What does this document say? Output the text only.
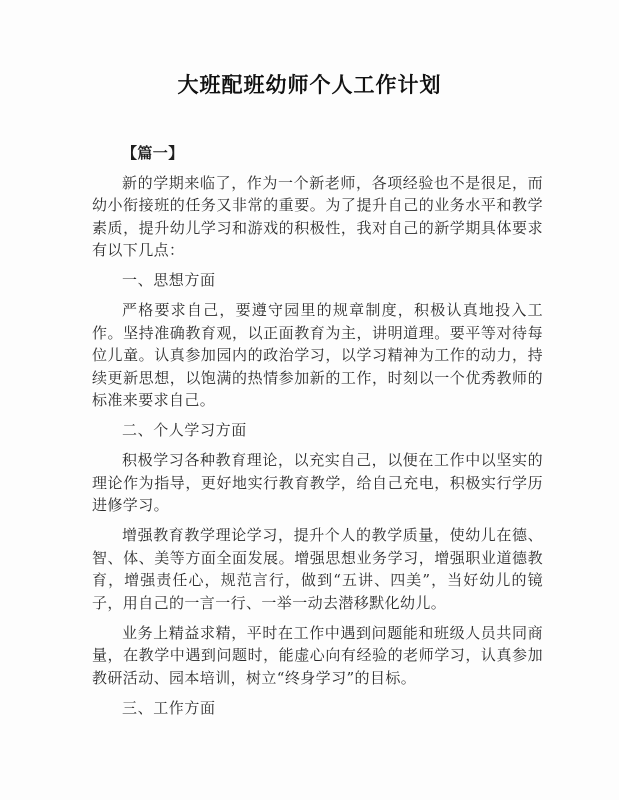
大班配班幼师个人工作计划

【篇一】

新的学期来临了，作为一个新老师，各项经验也不是很足，而幼小衔接班的任务又非常的重要。为了提升自己的业务水平和教学素质，提升幼儿学习和游戏的积极性，我对自己的新学期具体要求有以下几点：

一、思想方面

严格要求自己，要遵守园里的规章制度，积极认真地投入工作。坚持准确教育观，以正面教育为主，讲明道理。要平等对待每位儿童。认真参加园内的政治学习，以学习精神为工作的动力，持续更新思想，以饱满的热情参加新的工作，时刻以一个优秀教师的标准来要求自己。

二、个人学习方面

积极学习各种教育理论，以充实自己，以便在工作中以坚实的理论作为指导，更好地实行教育教学，给自己充电，积极实行学历进修学习。

增强教育教学理论学习，提升个人的教学质量，使幼儿在德、智、体、美等方面全面发展。增强思想业务学习，增强职业道德教育，增强责任心，规范言行，做到“五讲、四美”，当好幼儿的镜子，用自己的一言一行、一举一动去潜移默化幼儿。

业务上精益求精，平时在工作中遇到问题能和班级人员共同商量，在教学中遇到问题时，能虚心向有经验的老师学习，认真参加教研活动、园本培训，树立“终身学习”的目标。

三、工作方面
